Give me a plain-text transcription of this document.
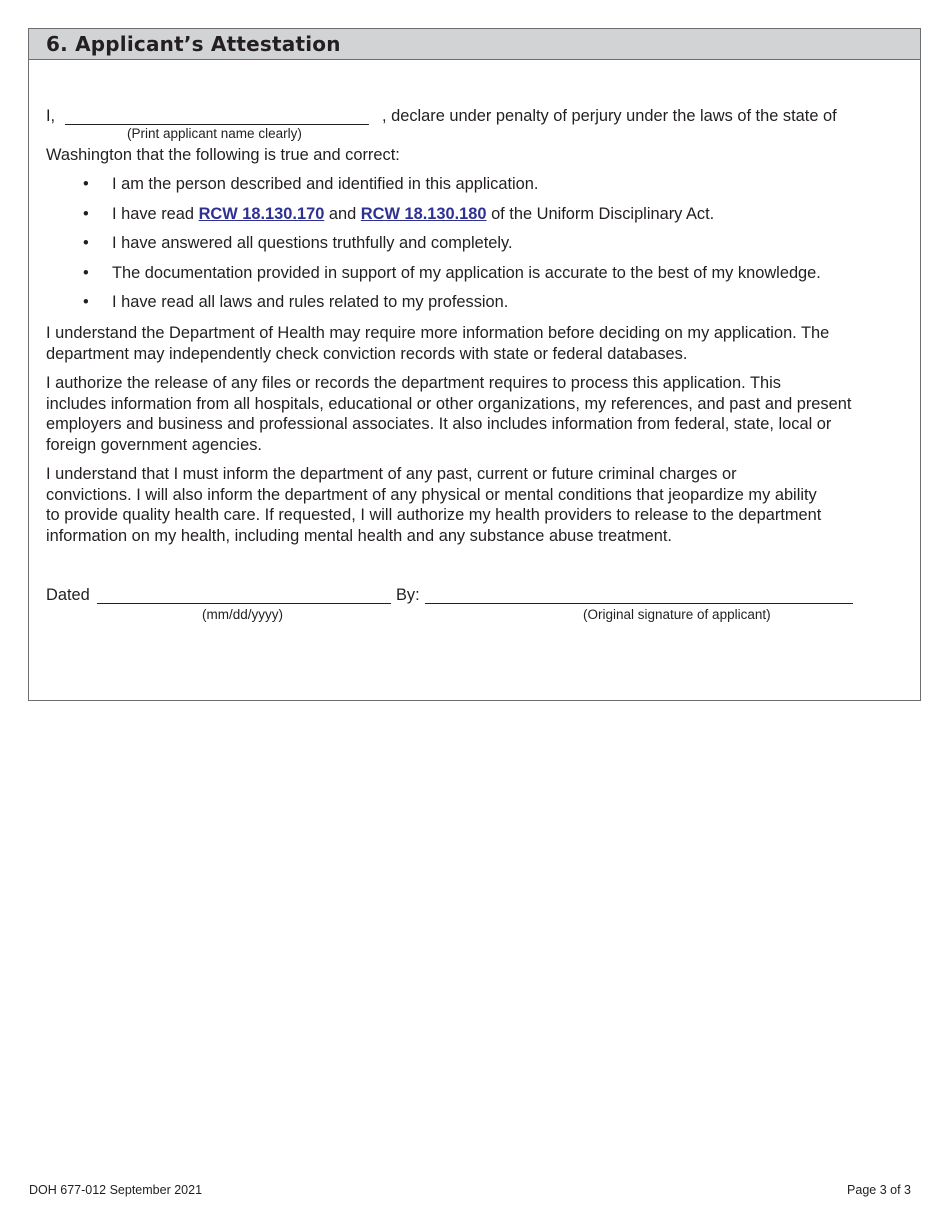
6. Applicant’s Attestation
I,	, declare under penalty of perjury under the laws of the state of
(Print applicant name clearly)
Washington that the following is true and correct:
• I am the person described and identified in this application.
• I have read RCW 18.130.170 and RCW 18.130.180 of the Uniform Disciplinary Act.
• I have answered all questions truthfully and completely.
• The documentation provided in support of my application is accurate to the best of my knowledge.
• I have read all laws and rules related to my profession.
I understand the Department of Health may require more information before deciding on my application. The
department may independently check conviction records with state or federal databases.
I authorize the release of any files or records the department requires to process this application. This
includes information from all hospitals, educational or other organizations, my references, and past and present
employers and business and professional associates. It also includes information from federal, state, local or
foreign government agencies.
I understand that I must inform the department of any past, current or future criminal charges or
convictions. I will also inform the department of any physical or mental conditions that jeopardize my ability
to provide quality health care. If requested, I will authorize my health providers to release to the department
information on my health, including mental health and any substance abuse treatment.
Dated	By:
(mm/dd/yyyy)	(Original signature of applicant)
DOH 677-012 September 2021	Page 3 of 3
